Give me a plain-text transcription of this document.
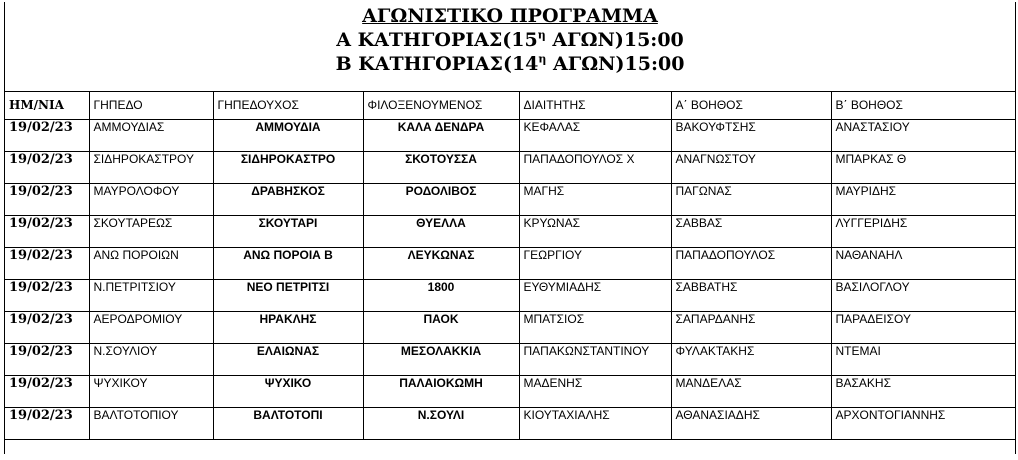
ΑΓΩΝΙΣΤΙΚΟ ΠΡΟΓΡΑΜΜΑ
Α $KATH\Gamma OPIA\Sigma(15^\eta$ ΑΓΩΝ)15:00
Β $KATH\Gamma OPIA\Sigma(14^\eta$ ΑΓΩΝ)15:00
ΗΜ/ΝΙΑ	ΓΗΠΕΔΟ	ΓΗΠΕΔΟΥΧΟΣ	ΦΙΛΟΞΕΝΟΥΜΕΝΟΣ	ΔΙΑΙΤΗΤΗΣ	Α΄ ΒΟΗΘΟΣ	Β΄ ΒΟΗΘΟΣ
19/02/23	ΑΜΜΟΥΔΙΑΣ	ΑΜΜΟΥΔΙΑ	ΚΑΛΑ ΔΕΝΔΡΑ	ΚΕΦΑΛΑΣ	ΒΑΚΟΥΦΤΣΗΣ	ΑΝΑΣΤΑΣΙΟΥ
19/02/23	ΣΙΔΗΡΟΚΑΣΤΡΟΥ	ΣΙΔΗΡΟΚΑΣΤΡΟ	ΣΚΟΤΟΥΣΣΑ	ΠΑΠΑΔΟΠΟΥΛΟΣ Χ	ΑΝΑΓΝΩΣΤΟΥ	ΜΠΑΡΚΑΣ Θ
19/02/23	ΜΑΥΡΟΛΟΦΟΥ	ΔΡΑΒΗΣΚΟΣ	ΡΟΔΟΛΙΒΟΣ	ΜΑΓΗΣ	ΠΑΓΩΝΑΣ	ΜΑΥΡΙΔΗΣ
19/02/23	ΣΚΟΥΤΑΡΕΩΣ	ΣΚΟΥΤΑΡΙ	ΘΥΕΛΛΑ	ΚΡΥΩΝΑΣ	ΣΑΒΒΑΣ	ΛΥΓΓΕΡΙΔΗΣ
19/02/23	ΑΝΩ ΠΟΡΟΙΩΝ	ΑΝΩ ΠΟΡΟΙΑ Β	ΛΕΥΚΩΝΑΣ	ΓΕΩΡΓΙΟΥ	ΠΑΠΑΔΟΠΟΥΛΟΣ	ΝΑΘΑΝΑΗΛ
19/02/23	Ν.ΠΕΤΡΙΤΣΙΟΥ	ΝΕΟ ΠΕΤΡΙΤΣΙ	1800	ΕΥΘΥΜΙΑΔΗΣ	ΣΑΒΒΑΤΗΣ	ΒΑΣΙΛΟΓΛΟΥ
19/02/23	ΑΕΡΟΔΡΟΜΙΟΥ	ΗΡΑΚΛΗΣ	ΠΑΟΚ	ΜΠΑΤΣΙΟΣ	ΣΑΠΑΡΔΑΝΗΣ	ΠΑΡΑΔΕΙΣΟΥ
19/02/23	Ν.ΣΟΥΛΙΟΥ	ΕΛΑΙΩΝΑΣ	ΜΕΣΟΛΑΚΚΙΑ	ΠΑΠΑΚΩΝΣΤΑΝΤΙΝΟΥ	ΦΥΛΑΚΤΑΚΗΣ	ΝΤΕΜΑΙ
19/02/23	ΨΥΧΙΚΟΥ	ΨΥΧΙΚΟ	ΠΑΛΑΙΟΚΩΜΗ	ΜΑΔΕΝΗΣ	ΜΑΝΔΕΛΑΣ	ΒΑΣΑΚΗΣ
19/02/23	ΒΑΛΤΟΤΟΠΙΟΥ	ΒΑΛΤΟΤΟΠΙ	Ν.ΣΟΥΛΙ	ΚΙΟΥΤΑΧΙΑΛΗΣ	ΑΘΑΝΑΣΙΑΔΗΣ	ΑΡΧΟΝΤΟΓΙΑΝΝΗΣ
